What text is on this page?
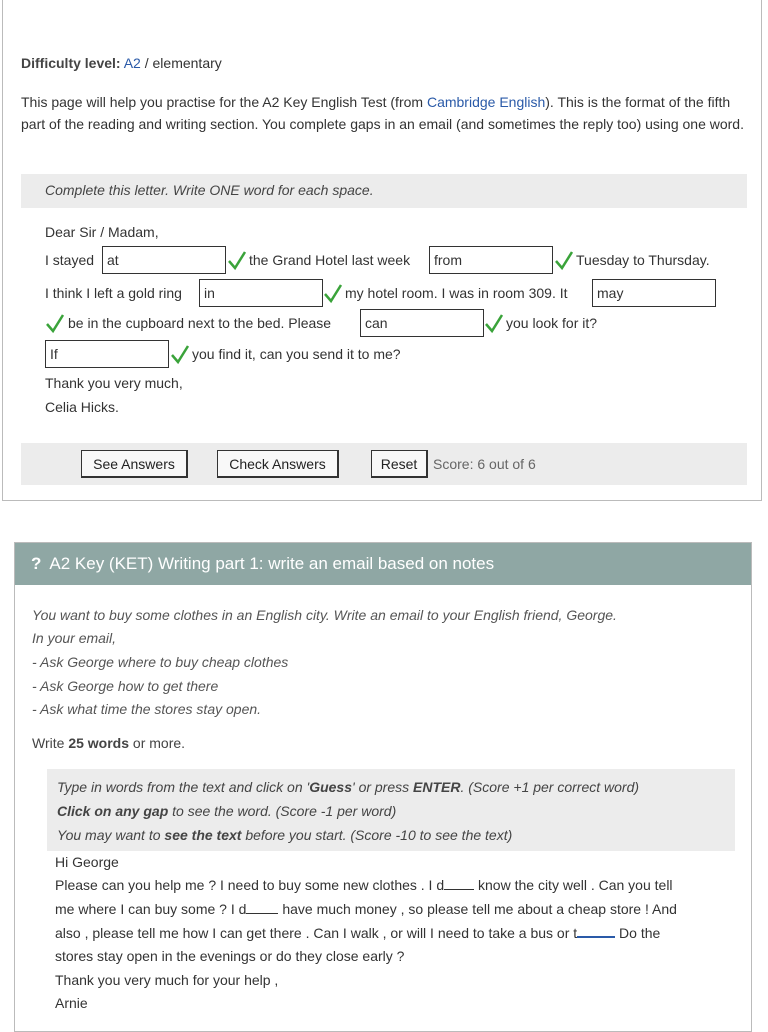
Difficulty level: A2 / elementary
This page will help you practise for the A2 Key English Test (from Cambridge English). This is the format of the fifth part of the reading and writing section. You complete gaps in an email (and sometimes the reply too) using one word.
Complete this letter. Write ONE word for each space.
Dear Sir / Madam,
I stayed at	the Grand Hotel last week	from	Tuesday to Thursday.
I think I left a gold ring	in	my hotel room. I was in room 309. It	may
be in the cupboard next to the bed. Please	can	you look for it?
If	you find it, can you send it to me?
Thank you very much,
Celia Hicks.
See Answers	Check Answers	Reset	Score: 6 out of 6
? A2 Key (KET) Writing part 1: write an email based on notes
You want to buy some clothes in an English city. Write an email to your English friend, George.
In your email,
- Ask George where to buy cheap clothes
- Ask George how to get there
- Ask what time the stores stay open.
Write 25 words or more.
Type in words from the text and click on 'Guess' or press ENTER. (Score +1 per correct word)
Click on any gap to see the word. (Score -1 per word)
You may want to see the text before you start. (Score -10 to see the text)
Hi George
Please can you help me ? I need to buy some new clothes . I d know the city well . Can you tell
me where I can buy some ? I d have much money , so please tell me about a cheap store ! And
also , please tell me how I can get there . Can I walk , or will I need to take a bus or t	Do the
stores stay open in the evenings or do they close early ?
Thank you very much for your help ,
Arnie
